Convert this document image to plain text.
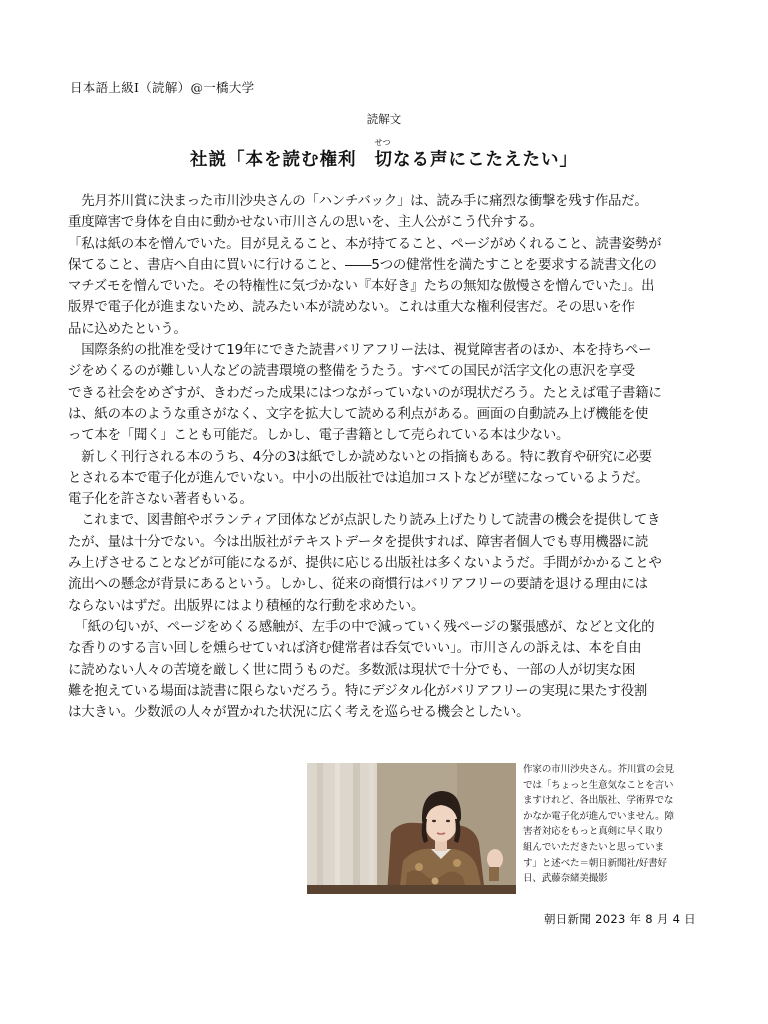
日本語上級Ⅰ（読解）@一橋大学
読解文
社説「本を読む権利
せつ
切なる声にこたえたい」
　先月芥川賞に決まった市川沙央さんの「ハンチバック」は、読み手に痛烈な衝撃を残す作品だ。
重度障害で身体を自由に動かせない市川さんの思いを、主人公がこう代弁する。
「私は紙の本を憎んでいた。目が見えること、本が持てること、ページがめくれること、読書姿勢が
保てること、書店へ自由に買いに行けること、――5つの健常性を満たすことを要求する読書文化の
マチズモを憎んでいた。その特権性に気づかない『本好き』たちの無知な傲慢さを憎んでいた」。出
版界で電子化が進まないため、読みたい本が読めない。これは重大な権利侵害だ。その思いを作
品に込めたという。
　国際条約の批准を受けて19年にできた読書バリアフリー法は、視覚障害者のほか、本を持ちペー
ジをめくるのが難しい人などの読書環境の整備をうたう。すべての国民が活字文化の恵沢を享受
できる社会をめざすが、きわだった成果にはつながっていないのが現状だろう。たとえば電子書籍に
は、紙の本のような重さがなく、文字を拡大して読める利点がある。画面の自動読み上げ機能を使
って本を「聞く」ことも可能だ。しかし、電子書籍として売られている本は少ない。
　新しく刊行される本のうち、4分の3は紙でしか読めないとの指摘もある。特に教育や研究に必要
とされる本で電子化が進んでいない。中小の出版社では追加コストなどが壁になっているようだ。
電子化を許さない著者もいる。
　これまで、図書館やボランティア団体などが点訳したり読み上げたりして読書の機会を提供してき
たが、量は十分でない。今は出版社がテキストデータを提供すれば、障害者個人でも専用機器に読
み上げさせることなどが可能になるが、提供に応じる出版社は多くないようだ。手間がかかることや
流出への懸念が背景にあるという。しかし、従来の商慣行はバリアフリーの要請を退ける理由には
ならないはずだ。出版界にはより積極的な行動を求めたい。
　「紙の匂いが、ページをめくる感触が、左手の中で減っていく残ページの緊張感が、などと文化的
な香りのする言い回しを燻らせていれば済む健常者は呑気でいい」。市川さんの訴えは、本を自由
に読めない人々の苦境を厳しく世に問うものだ。多数派は現状で十分でも、一部の人が切実な困
難を抱えている場面は読書に限らないだろう。特にデジタル化がバリアフリーの実現に果たす役割
は大きい。少数派の人々が置かれた状況に広く考えを巡らせる機会としたい。
作家の市川沙央さん。芥川賞の会見
では「ちょっと生意気なことを言い
ますけれど、各出版社、学術界でな
かなか電子化が進んでいません。障
害者対応をもっと真剣に早く取り
組んでいただきたいと思っていま
す」と述べた＝朝日新聞社/好書好
日、武藤奈緒美撮影
朝日新聞 2023 年 8 月 4 日
